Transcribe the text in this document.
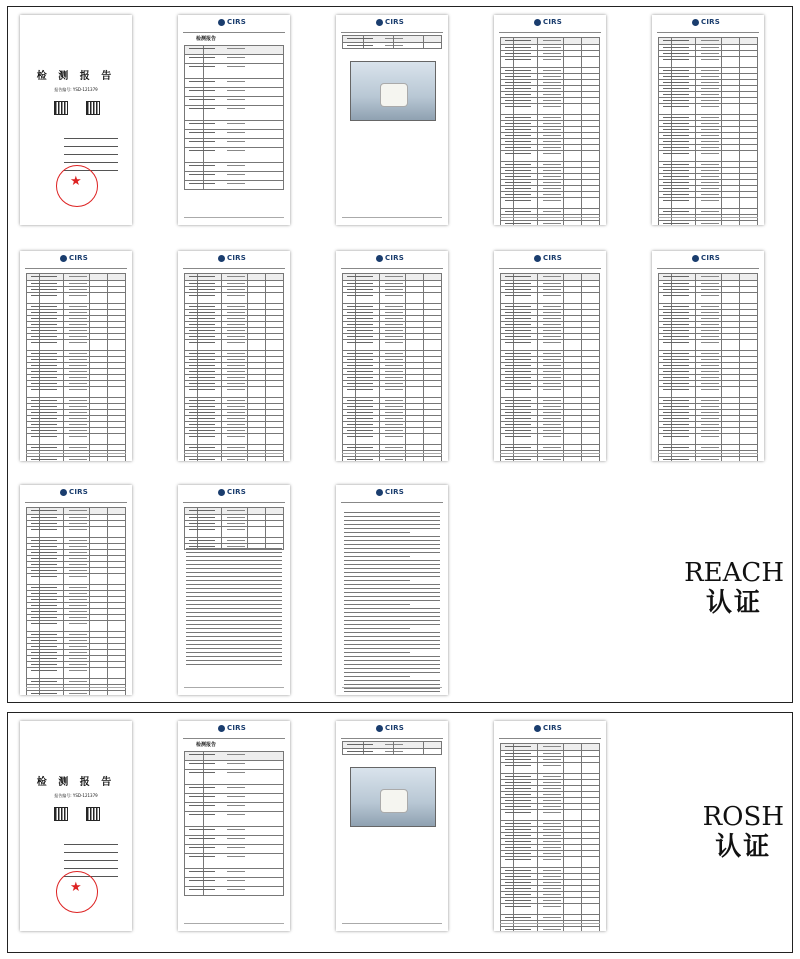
检 测 报 告
报告编号: YSD-121379
★
CIRS
检测报告
CIRS	CIRS	CIRS
CIRS	CIRS	CIRS	CIRS	CIRS
CIRS	CIRS	CIRS
REACH
认证
检 测 报 告
报告编号: YSD-121379
★
CIRS
检测报告
CIRS	CIRS
ROSH
认证
